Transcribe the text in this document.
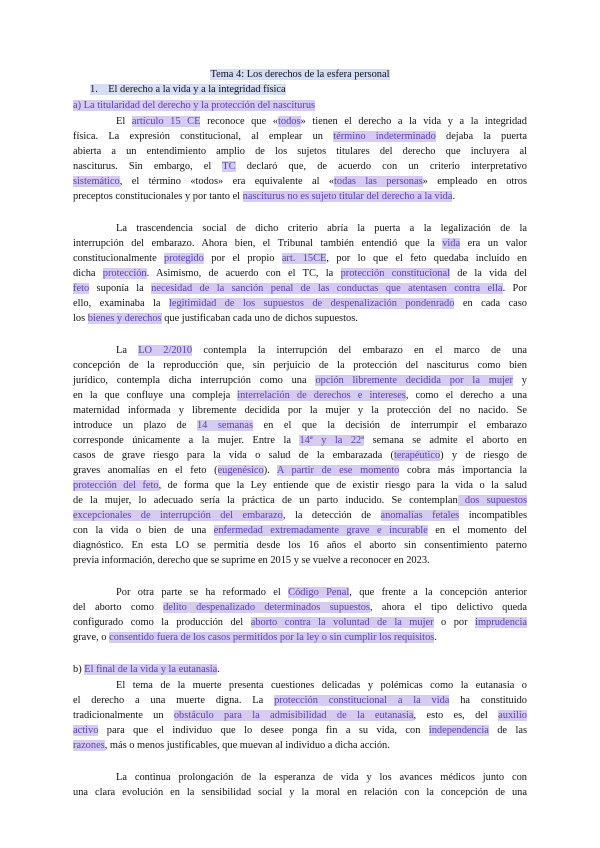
Tema 4: Los derechos de la esfera personal
1. El derecho a la vida y a la integridad física
a) La titularidad del derecho y la protección del nasciturus
El artículo 15 CE reconoce que «todos» tienen el derecho a la vida y a la integridad
física. La expresión constitucional, al emplear un término indeterminado dejaba la puerta
abierta a un entendimiento amplio de los sujetos titulares del derecho que incluyera al
nasciturus. Sin embargo, el TC declaró que, de acuerdo con un criterio interpretativo
sistemático, el término «todos» era equivalente al «todas las personas» empleado en otros
preceptos constitucionales y por tanto el nasciturus no es sujeto titular del derecho a la vida.
La trascendencia social de dicho criterio abría la puerta a la legalización de la
interrupción del embarazo. Ahora bien, el Tribunal también entendió que la vida era un valor
constitucionalmente protegido por el propio art. 15CE, por lo que el feto quedaba incluido en
dicha protección. Asimismo, de acuerdo con el TC, la protección constitucional de la vida del
feto suponía la necesidad de la sanción penal de las conductas que atentasen contra ella. Por
ello, examinaba la legitimidad de los supuestos de despenalización pondenrado en cada caso
los bienes y derechos que justificaban cada uno de dichos supuestos.
La LO 2/2010 contempla la interrupción del embarazo en el marco de una
concepción de la reproducción que, sin perjuicio de la protección del nasciturus como bien
jurídico, contempla dicha interrupción como una opción libremente decidida por la mujer y
en la que confluye una compleja interrelación de derechos e intereses, como el derecho a una
maternidad informada y libremente decidida por la mujer y la protección del no nacido. Se
introduce un plazo de 14 semanas en el que la decisión de interrumpir el embarazo
corresponde únicamente a la mujer. Entre la 14ª y la 22ª semana se admite el aborto en
casos de grave riesgo para la vida o salud de la embarazada (terapéutico) y de riesgo de
graves anomalías en el feto (eugenésico). A partir de ese momento cobra más importancia la
protección del feto, de forma que la Ley entiende que de existir riesgo para la vida o la salud
de la mujer, lo adecuado sería la práctica de un parto inducido. Se contemplan dos supuestos
excepcionales de interrupción del embarazo, la detección de anomalías fetales incompatibles
con la vida o bien de una enfermedad extremadamente grave e incurable en el momento del
diagnóstico. En esta LO se permitía desde los 16 años el aborto sin consentimiento paterno
previa información, derecho que se suprime en 2015 y se vuelve a reconocer en 2023.
Por otra parte se ha reformado el Código Penal, que frente a la concepción anterior
del aborto como delito despenalizado determinados supuestos, ahora el tipo delictivo queda
configurado como la producción del aborto contra la voluntad de la mujer o por imprudencia
grave, o consentido fuera de los casos permitidos por la ley o sin cumplir los requisitos.
b) El final de la vida y la eutanasia.
El tema de la muerte presenta cuestiones delicadas y polémicas como la eutanasia o
el derecho a una muerte digna. La protección constitucional a la vida ha constituido
tradicionalmente un obstáculo para la admisibilidad de la eutanasia, esto es, del auxilio
activo para que el individuo que lo desee ponga fin a su vida, con independencia de las
razones, más o menos justificables, que muevan al individuo a dicha acción.
La continua prolongación de la esperanza de vida y los avances médicos junto con
una clara evolución en la sensibilidad social y la moral en relación con la concepción de una
